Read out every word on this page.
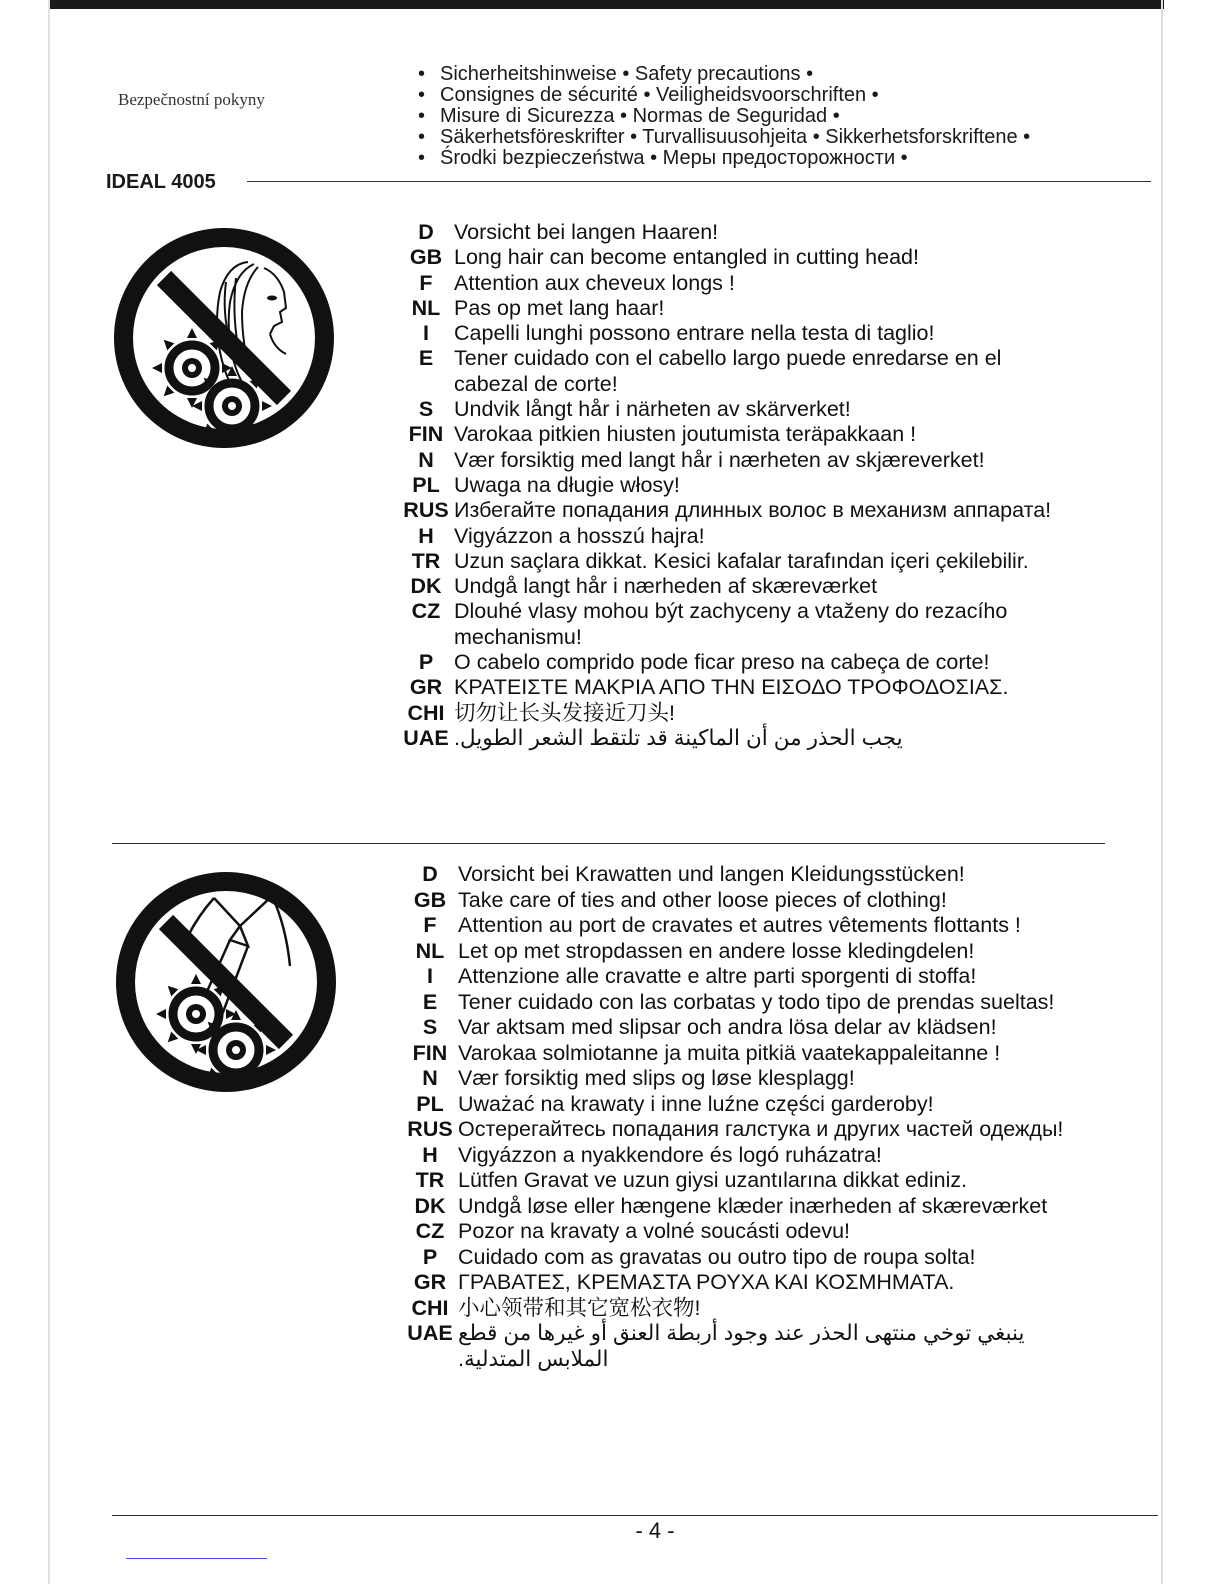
Bezpečnostní pokyny
• Sicherheitshinweise • Safety precautions •
• Consignes de sécurité • Veiligheidsvoorschriften •
• Misure di Sicurezza • Normas de Seguridad •
• Säkerhetsföreskrifter • Turvallisuusohjeita • Sikkerhetsforskriftene •
• Środki bezpieczeństwa • Меры предосторожности •
IDEAL 4005
D Vorsicht bei langen Haaren!
GB Long hair can become entangled in cutting head!
F Attention aux cheveux longs !
NL Pas op met lang haar!
I	Capelli lunghi possono entrare nella testa di taglio!
E Tener cuidado con el cabello largo puede enredarse en el cabezal de corte!
S Undvik långt hår i närheten av skärverket!
FIN Varokaa pitkien hiusten joutumista teräpakkaan !
N Vær forsiktig med langt hår i nærheten av skjæreverket!
PL Uwaga na długie włosy!
RUS Избегайте попадания длинных волос в механизм аппарата!
H Vigyázzon a hosszú hajra!
TR Uzun saçlara dikkat. Kesici kafalar tarafından içeri çekilebilir.
DK Undgå langt hår i nærheden af skæreværket
CZ Dlouhé vlasy mohou být zachyceny a vtaženy do rezacího mechanismu!
P O cabelo comprido pode ficar preso na cabeça de corte!
GR ΚΡΑΤΕΙΣΤΕ ΜΑΚΡΙΑ ΑΠΟ ΤΗΝ ΕΙΣΟΔΟ ΤΡΟΦΟΔΟΣΙΑΣ.
CHI 切勿让长头发接近刀头!
UAE يجب الحذر من أن الماكينة قد تلتقط الشعر الطويل.
D Vorsicht bei Krawatten und langen Kleidungsstücken!
GB Take care of ties and other loose pieces of clothing!
F Attention au port de cravates et autres vêtements flottants !
NL Let op met stropdassen en andere losse kledingdelen!
I	Attenzione alle cravatte e altre parti sporgenti di stoffa!
E Tener cuidado con las corbatas y todo tipo de prendas sueltas!
S Var aktsam med slipsar och andra lösa delar av klädsen!
FIN Varokaa solmiotanne ja muita pitkiä vaatekappaleitanne !
N Vær forsiktig med slips og løse klesplagg!
PL Uważać na krawaty i inne luźne części garderoby!
RUS Остерегайтесь попадания галстука и других частей одежды!
H Vigyázzon a nyakkendore és logó ruházatra!
TR Lütfen Gravat ve uzun giysi uzantılarına dikkat ediniz.
DK Undgå løse eller hængene klæder inærheden af skæreværket
CZ Pozor na kravaty a volné soucásti odevu!
P Cuidado com as gravatas ou outro tipo de roupa solta!
GR ΓΡΑΒΑΤΕΣ, ΚΡΕΜΑΣΤΑ ΡΟΥΧΑ ΚΑΙ ΚΟΣΜΗΜΑΤΑ.
CHI 小心领带和其它宽松衣物!
UAE ينبغي توخي منتهى الحذر عند وجود أربطة العنق أو غيرها من قطع الملابس المتدلية.
- 4 -
